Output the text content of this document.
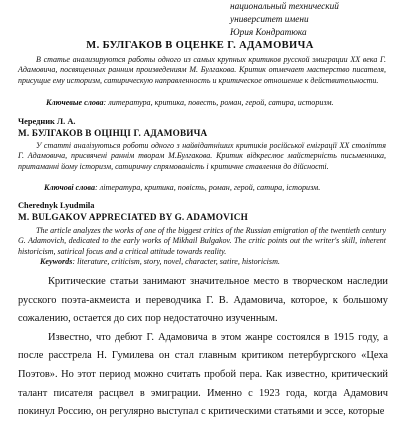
национальный технический
университет имени
Юрия Кондратюка
М. БУЛГАКОВ В ОЦЕНКЕ Г. АДАМОВИЧА
В статье анализируются работы одного из самых крупных критиков русской эмиграции XX века Г. Адамовича, посвященных ранним произведениям М. Булгакова. Критик отмечает мастерство писателя, присущие ему историзм, сатирическую направленность и критическое отношение к действительности.
Ключевые слова: литература, критика, повесть, роман, герой, сатира, историзм.
Чередник Л. А.
М. БУЛГАКОВ В ОЦІНЦІ Г. АДАМОВИЧА
У статті аналізуються роботи одного з найвідатніших критиків російської еміграції ХХ століття Г. Адамовича, присвячені раннім творам М.Булгакова. Критик відкреслює майстерність письменника, притаманні йому історизм, сатиричну спрямованість і критичне ставлення до дійсності.
Ключові слова: література, критика, повість, роман, герой, сатира, історизм.
Cherednyk Lyudmila
M. BULGAKOV APPRECIATED BY G. ADAMOVICH
The article analyzes the works of one of the biggest critics of the Russian emigration of the twentieth century G. Adamovich, dedicated to the early works of Mikhail Bulgakov. The critic points out the writer's skill, inherent historicism, satirical focus and a critical attitude towards reality.
Keywords: literature, criticism, story, novel, character, satire, historicism.

Критические статьи занимают значительное место в творческом наследии русского поэта-акмеиста и переводчика Г. В. Адамовича, которое, к большому сожалению, остается до сих пор недостаточно изученным.

Известно, что дебют Г. Адамовича в этом жанре состоялся в 1915 году, а после расстрела Н. Гумилева он стал главным критиком петербургского «Цеха Поэтов». Но этот период можно считать пробой пера. Как известно, критический талант писателя расцвел в эмиграции. Именно с 1923 года, когда Адамович покинул Россию, он регулярно выступал с критическими статьями и эссе, которые
